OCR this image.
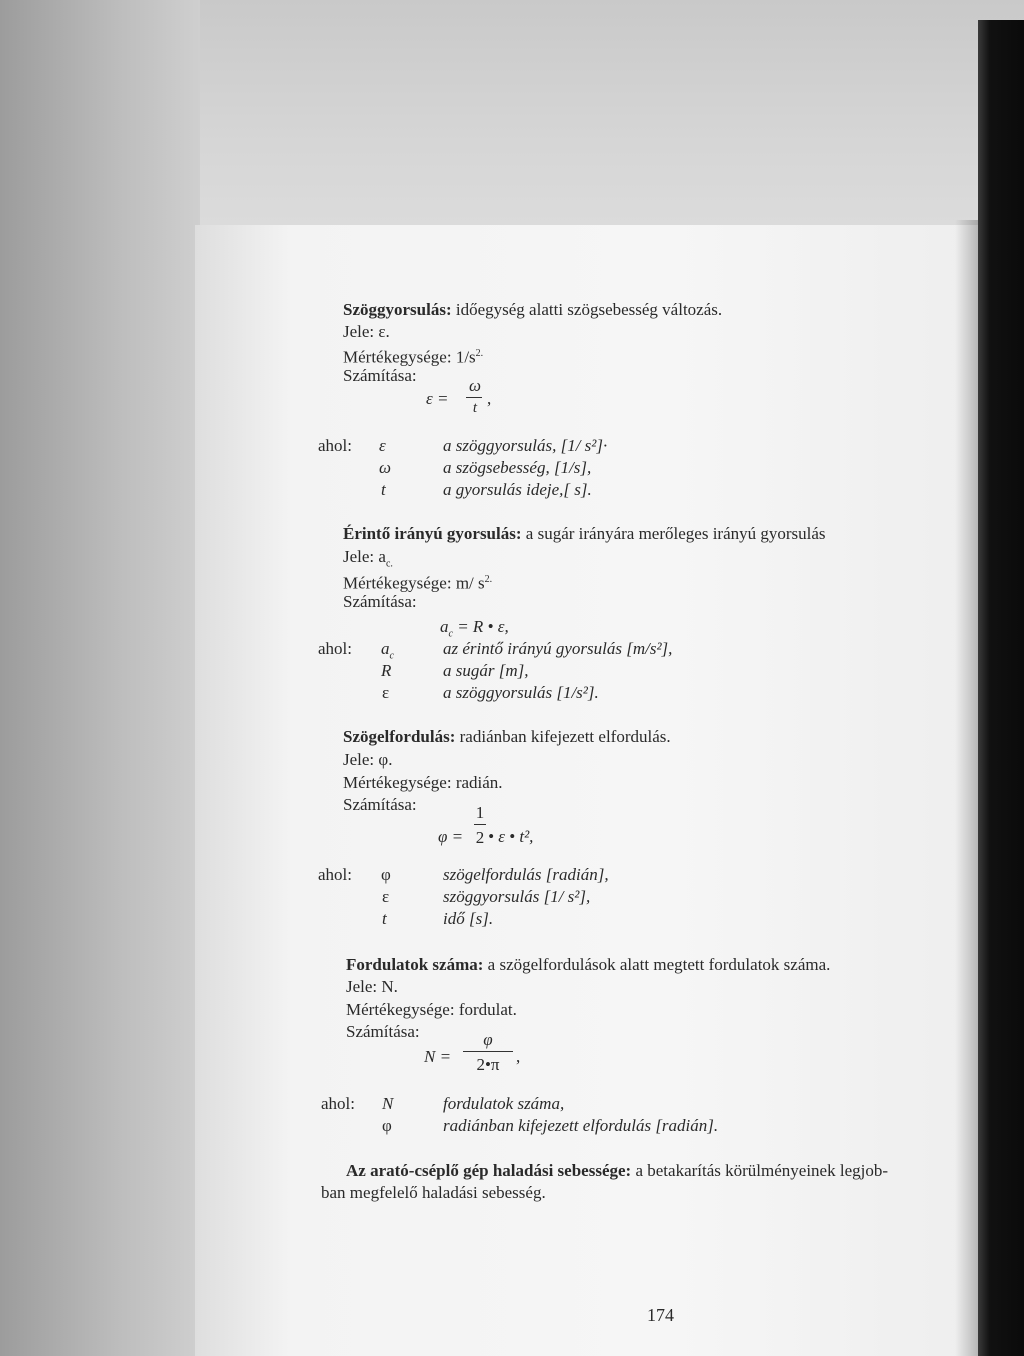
Szöggyorsulás: időegység alatti szögsebesség változás.
Jele: ε.
Mértékegysége: $1/s^{2.}$
Számítása:
ε =
ω
t ,
ahol: ε	a szöggyorsulás, [1/ s²]·
ω	a szögsebesség, [1/s],
t	a gyorsulás ideje,[ s].
Érintő irányú gyorsulás: a sugár irányára merőleges irányú gyorsulás
Jele: $a_{c.}$
Mértékegysége: m/ $s^{2.}$
Számítása:
$a_c = R$ • ε,
ahol: $a_c$	az érintő irányú gyorsulás [m/s²],
R	a sugár [m],
ε	a szöggyorsulás [1/s²].
Szögelfordulás: radiánban kifejezett elfordulás.
Jele: φ.
Mértékegysége: radián.
Számítása:
φ =
1
2 • ε • t²,
ahol: φ	szögelfordulás [radián],
ε	szöggyorsulás [1/ s²],
t	idő [s].
Fordulatok száma: a szögelfordulások alatt megtett fordulatok száma.
Jele: N.
Mértékegysége: fordulat.
Számítása:
N =
φ
2•π ,
ahol: N	fordulatok száma,
φ	radiánban kifejezett elfordulás [radián].
Az arató-cséplő gép haladási sebessége: a betakarítás körülményeinek legjob-
ban megfelelő haladási sebesség.
174
